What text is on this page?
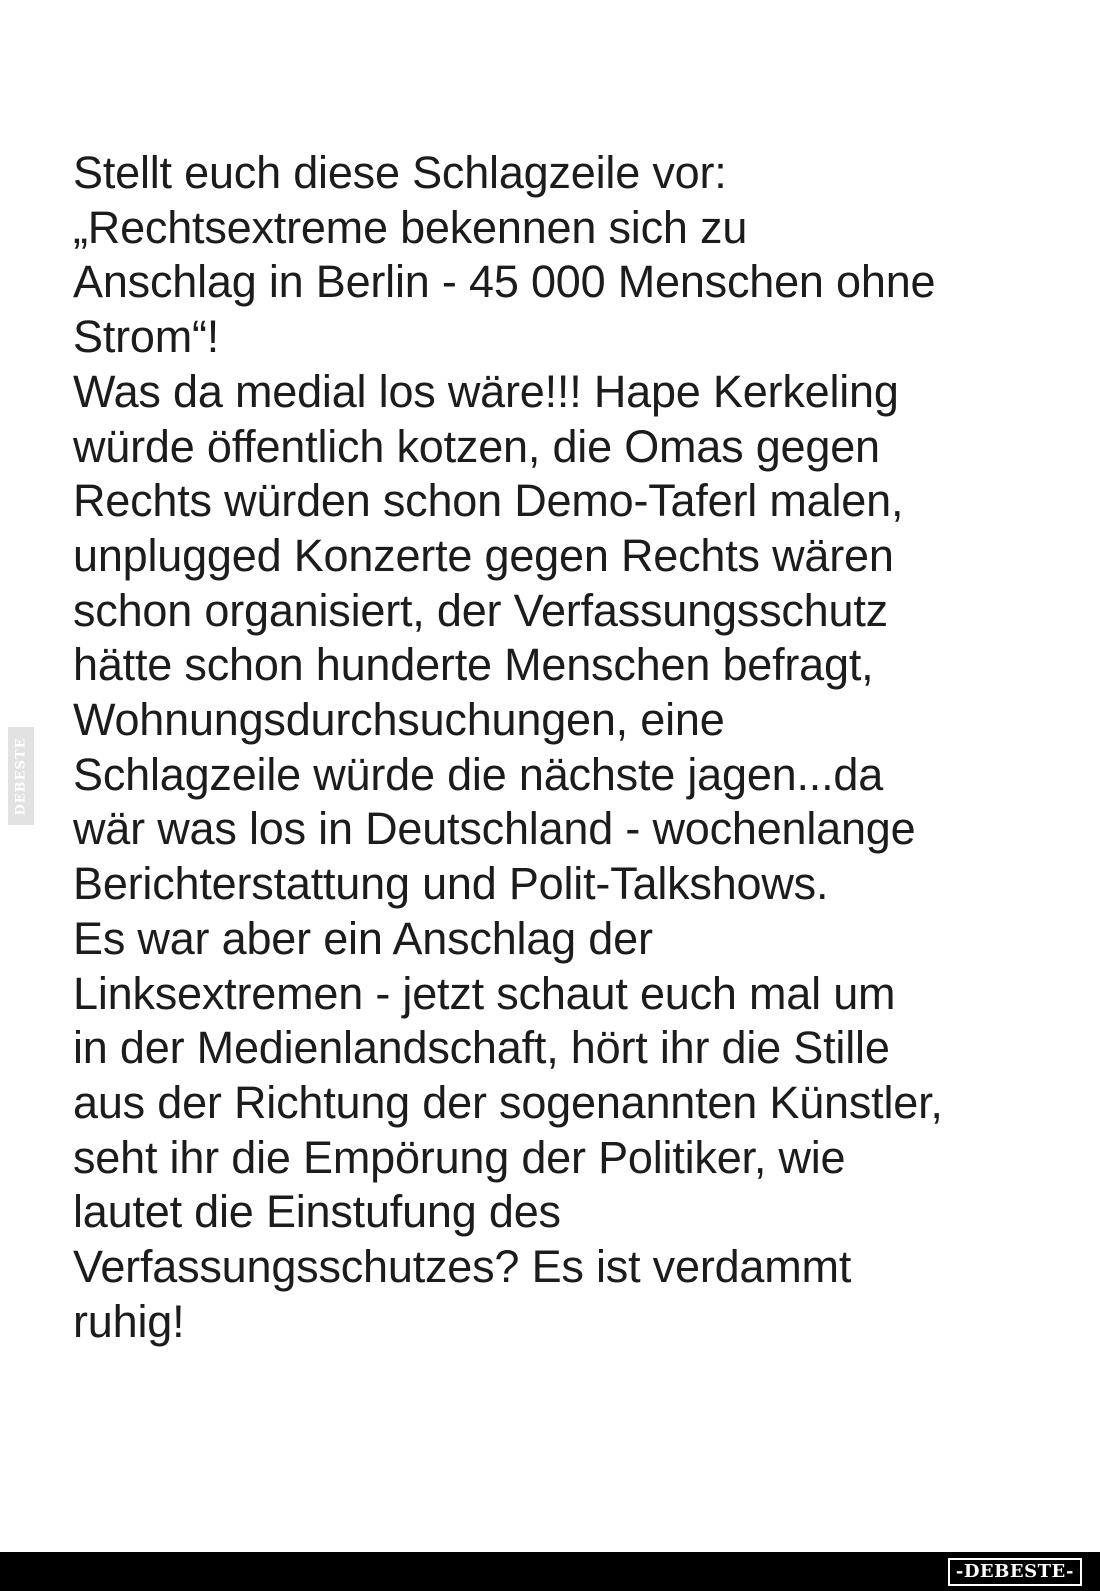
Stellt euch diese Schlagzeile vor:
„Rechtsextreme bekennen sich zu
Anschlag in Berlin - 45 000 Menschen ohne
Strom“!
Was da medial los wäre!!! Hape Kerkeling
würde öffentlich kotzen, die Omas gegen
Rechts würden schon Demo-Taferl malen,
unplugged Konzerte gegen Rechts wären
schon organisiert, der Verfassungsschutz
hätte schon hunderte Menschen befragt,
Wohnungsdurchsuchungen, eine
Schlagzeile würde die nächste jagen...da
wär was los in Deutschland - wochenlange
Berichterstattung und Polit-Talkshows.
Es war aber ein Anschlag der
Linksextremen - jetzt schaut euch mal um
in der Medienlandschaft, hört ihr die Stille
aus der Richtung der sogenannten Künstler,
seht ihr die Empörung der Politiker, wie
lautet die Einstufung des
Verfassungsschutzes? Es ist verdammt
ruhig!
DEBESTE
-DEBESTE-
